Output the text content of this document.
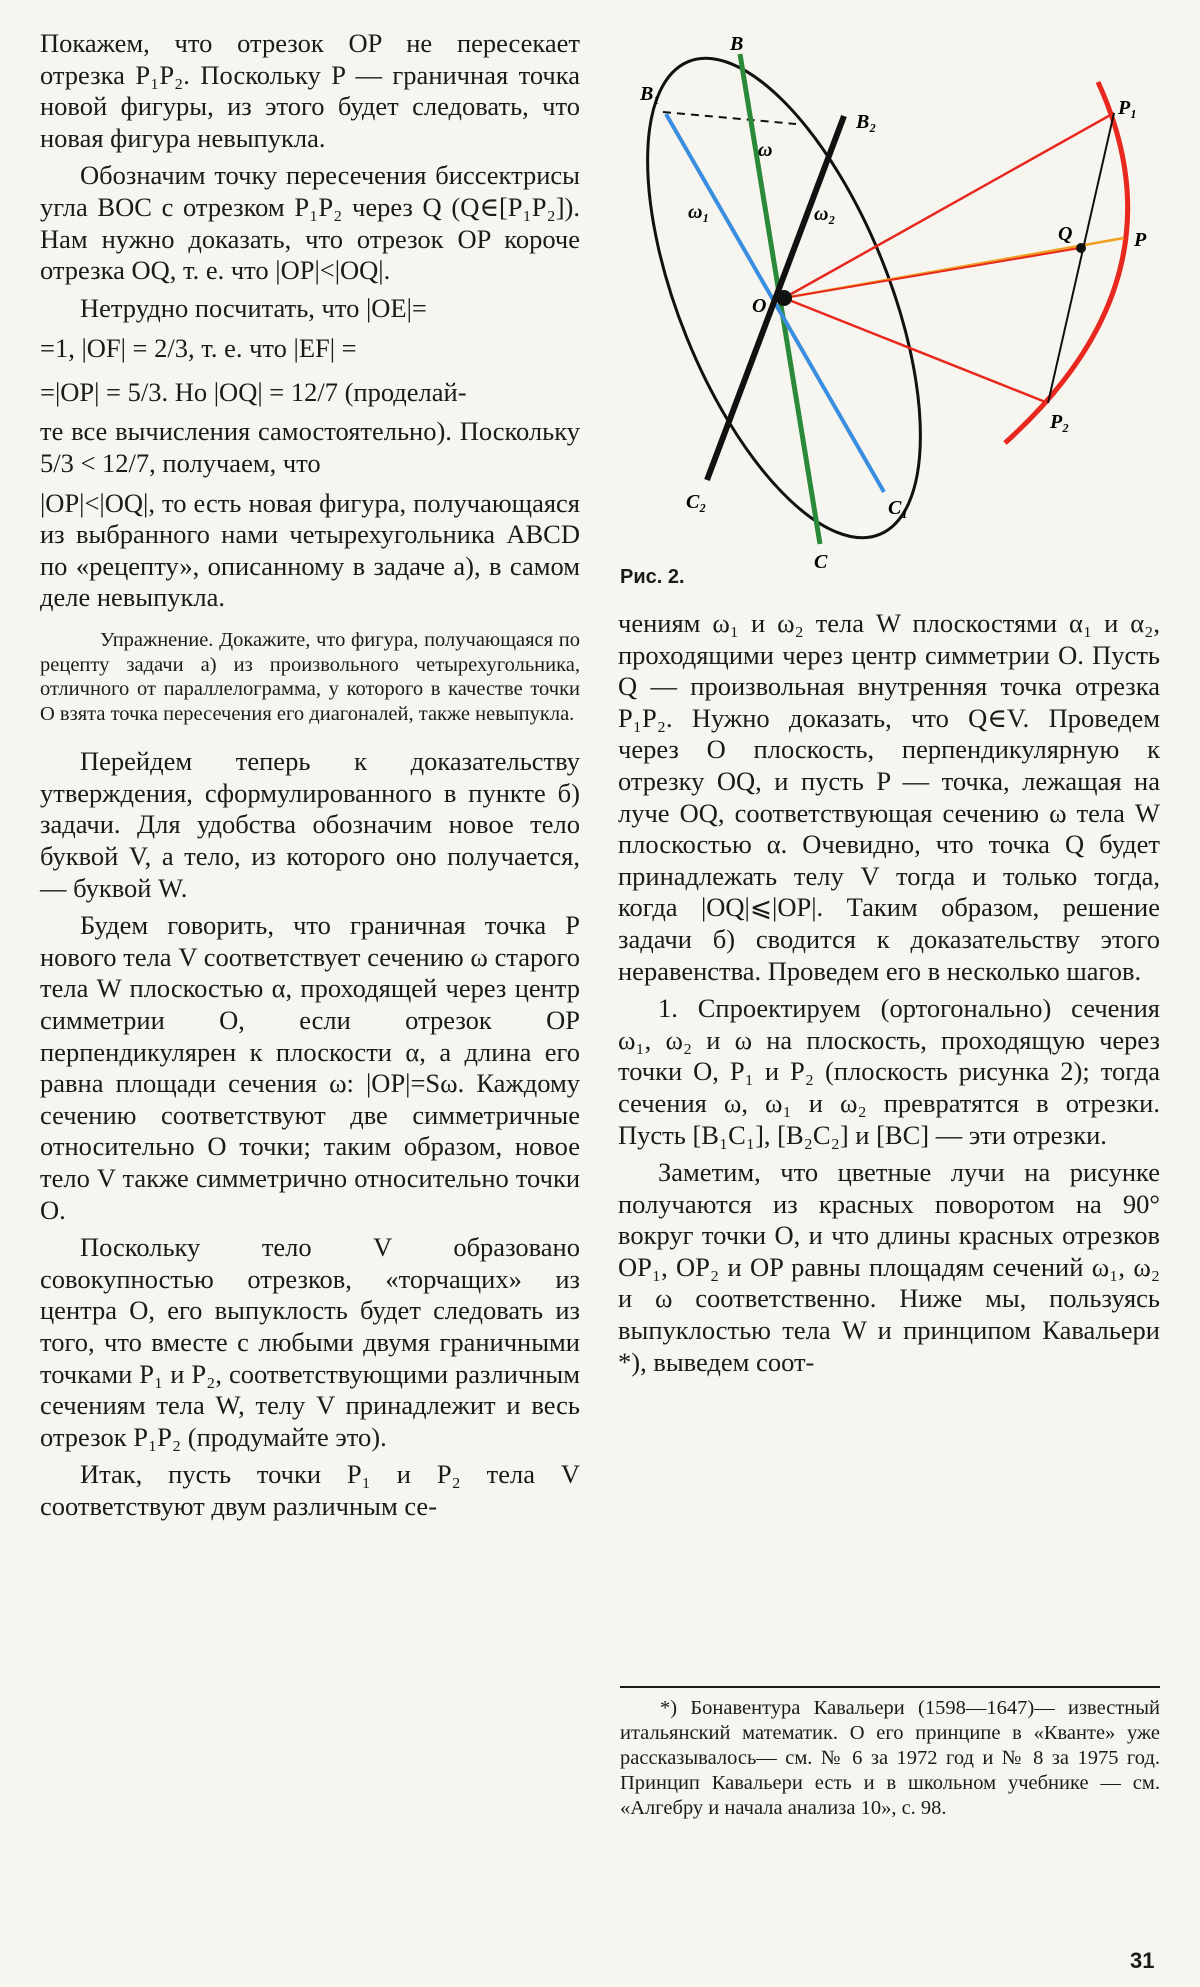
Покажем, что отрезок OP не пересекает отрезка P₁P₂. Поскольку P — граничная точка новой фигуры, из этого будет следовать, что новая фигура невыпукла.

Обозначим точку пересечения биссектрисы угла BOC с отрезком P₁P₂ через Q (Q∈[P₁P₂]). Нам нужно доказать, что отрезок OP короче отрезка OQ, т. е. что |OP|<|OQ|.

Нетрудно посчитать, что |OE|=

=1, |OF| = 2/3, т. е. что |EF| =
=|OP| = 5/3. Но |OQ| = 12/7 (проделай-

те все вычисления самостоятельно). Поскольку 5/3 < 12/7, получаем, что

|OP|<|OQ|, то есть новая фигура, получающаяся из выбранного нами четырехугольника ABCD по «рецепту», описанному в задаче а), в самом деле невыпукла.

Упражнение. Докажите, что фигура, получающаяся по рецепту задачи а) из произвольного четырехугольника, отличного от параллелограмма, у которого в качестве точки O взята точка пересечения его диагоналей, также невыпукла.

Перейдем теперь к доказательству утверждения, сформулированного в пункте б) задачи. Для удобства обозначим новое тело буквой V, а тело, из которого оно получается, — буквой W.

Будем говорить, что граничная точка P нового тела V соответствует сечению ω старого тела W плоскостью α, проходящей через центр симметрии O, если отрезок OP перпендикулярен к плоскости α, а длина его равна площади сечения ω: |OP|=Sω. Каждому сечению соответствуют две симметричные относительно O точки; таким образом, новое тело V также симметрично относительно точки O.

Поскольку тело V образовано совокупностью отрезков, «торчащих» из центра O, его выпуклость будет следовать из того, что вместе с любыми двумя граничными точками P₁ и P₂, соответствующими различным сечениям тела W, телу V принадлежит и весь отрезок P₁P₂ (продумайте это).

Итак, пусть точки P₁ и P₂ тела V соответствуют двум различным се-

B
B₁
B₂
ω
ω₁	ω₂
O
Q	P
P₁
P₂
C₂	C₁
C
Рис. 2.

чениям ω₁ и ω₂ тела W плоскостями α₁ и α₂, проходящими через центр симметрии O. Пусть Q — произвольная внутренняя точка отрезка P₁P₂. Нужно доказать, что Q∈V. Проведем через O плоскость, перпендикулярную к отрезку OQ, и пусть P — точка, лежащая на луче OQ, соответствующая сечению ω тела W плоскостью α. Очевидно, что точка Q будет принадлежать телу V тогда и только тогда, когда |OQ|⩽|OP|. Таким образом, решение задачи б) сводится к доказательству этого неравенства. Проведем его в несколько шагов.

1. Спроектируем (ортогонально) сечения ω₁, ω₂ и ω на плоскость, проходящую через точки O, P₁ и P₂ (плоскость рисунка 2); тогда сечения ω, ω₁ и ω₂ превратятся в отрезки. Пусть [B₁C₁], [B₂C₂] и [BC] — эти отрезки.

Заметим, что цветные лучи на рисунке получаются из красных поворотом на 90° вокруг точки O, и что длины красных отрезков OP₁, OP₂ и OP равны площадям сечений ω₁, ω₂ и ω соответственно. Ниже мы, пользуясь выпуклостью тела W и принципом Кавальери *), выведем соот-

*) Бонавентура Кавальери (1598—1647)— известный итальянский математик. О его принципе в «Кванте» уже рассказывалось— см. № 6 за 1972 год и № 8 за 1975 год. Принцип Кавальери есть и в школьном учебнике — см. «Алгебру и начала анализа 10», с. 98.

31
